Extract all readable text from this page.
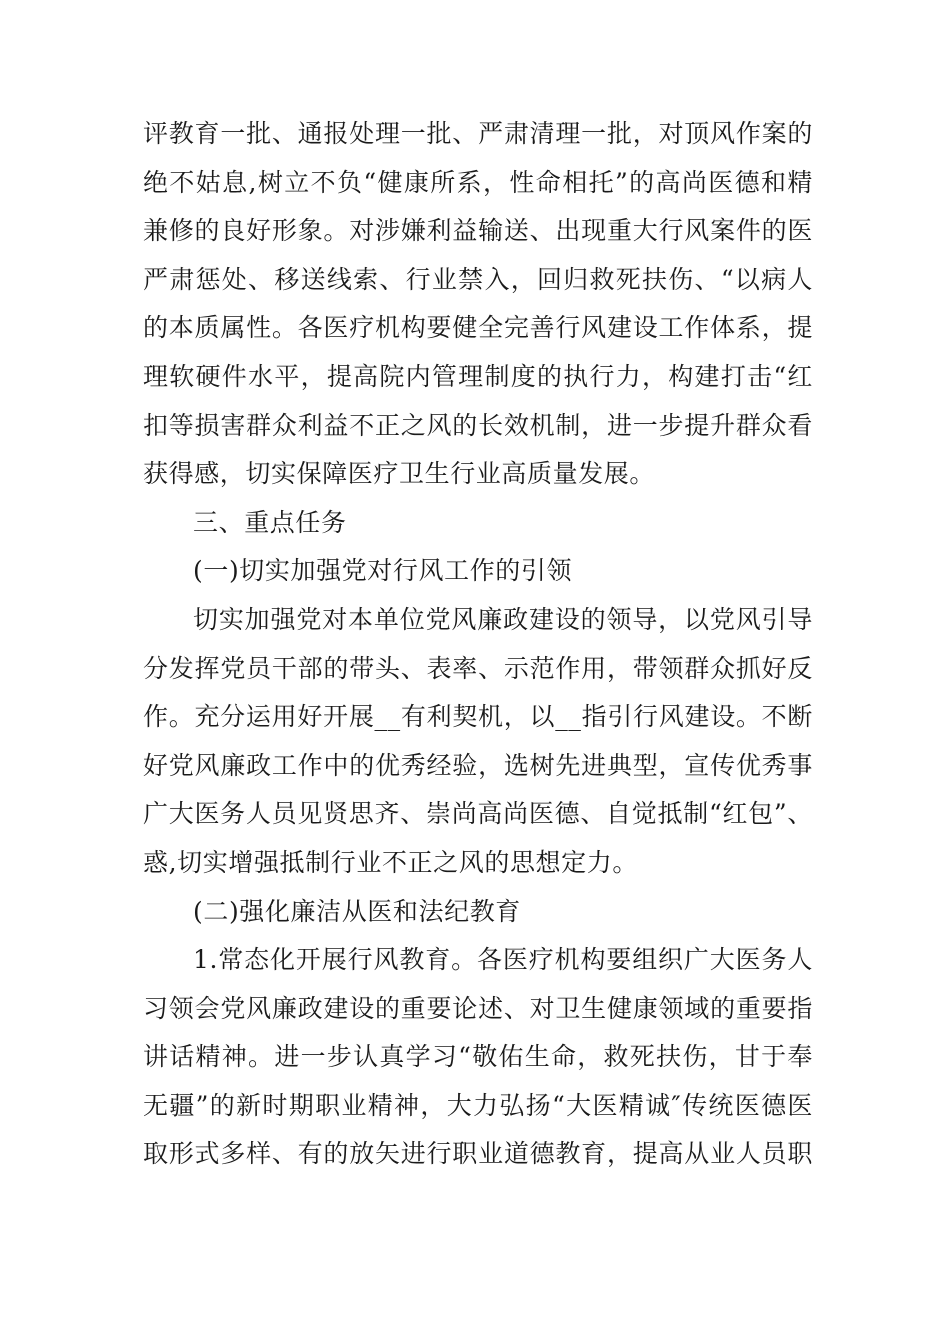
评教育一批、通报处理一批、严肃清理一批，对顶风作案的
绝不姑息,树立不负“健康所系，性命相托”的高尚医德和精
兼修的良好形象。对涉嫌利益输送、出现重大行风案件的医
严肃惩处、移送线索、行业禁入，回归救死扶伤、“以病人
的本质属性。各医疗机构要健全完善行风建设工作体系，提
理软硬件水平，提高院内管理制度的执行力，构建打击“红
扣等损害群众利益不正之风的长效机制，进一步提升群众看
获得感，切实保障医疗卫生行业高质量发展。
三、重点任务
(一)切实加强党对行风工作的引领
切实加强党对本单位党风廉政建设的领导，以党风引导
分发挥党员干部的带头、表率、示范作用，带领群众抓好反
作。充分运用好开展__有利契机，以__指引行风建设。不断
好党风廉政工作中的优秀经验，选树先进典型，宣传优秀事
广大医务人员见贤思齐、崇尚高尚医德、自觉抵制“红包”、
惑,切实增强抵制行业不正之风的思想定力。
(二)强化廉洁从医和法纪教育
1.常态化开展行风教育。各医疗机构要组织广大医务人
习领会党风廉政建设的重要论述、对卫生健康领域的重要指
讲话精神。进一步认真学习“敬佑生命，救死扶伤，甘于奉
无疆”的新时期职业精神，大力弘扬“大医精诚″传统医德医
取形式多样、有的放矢进行职业道德教育，提高从业人员职
